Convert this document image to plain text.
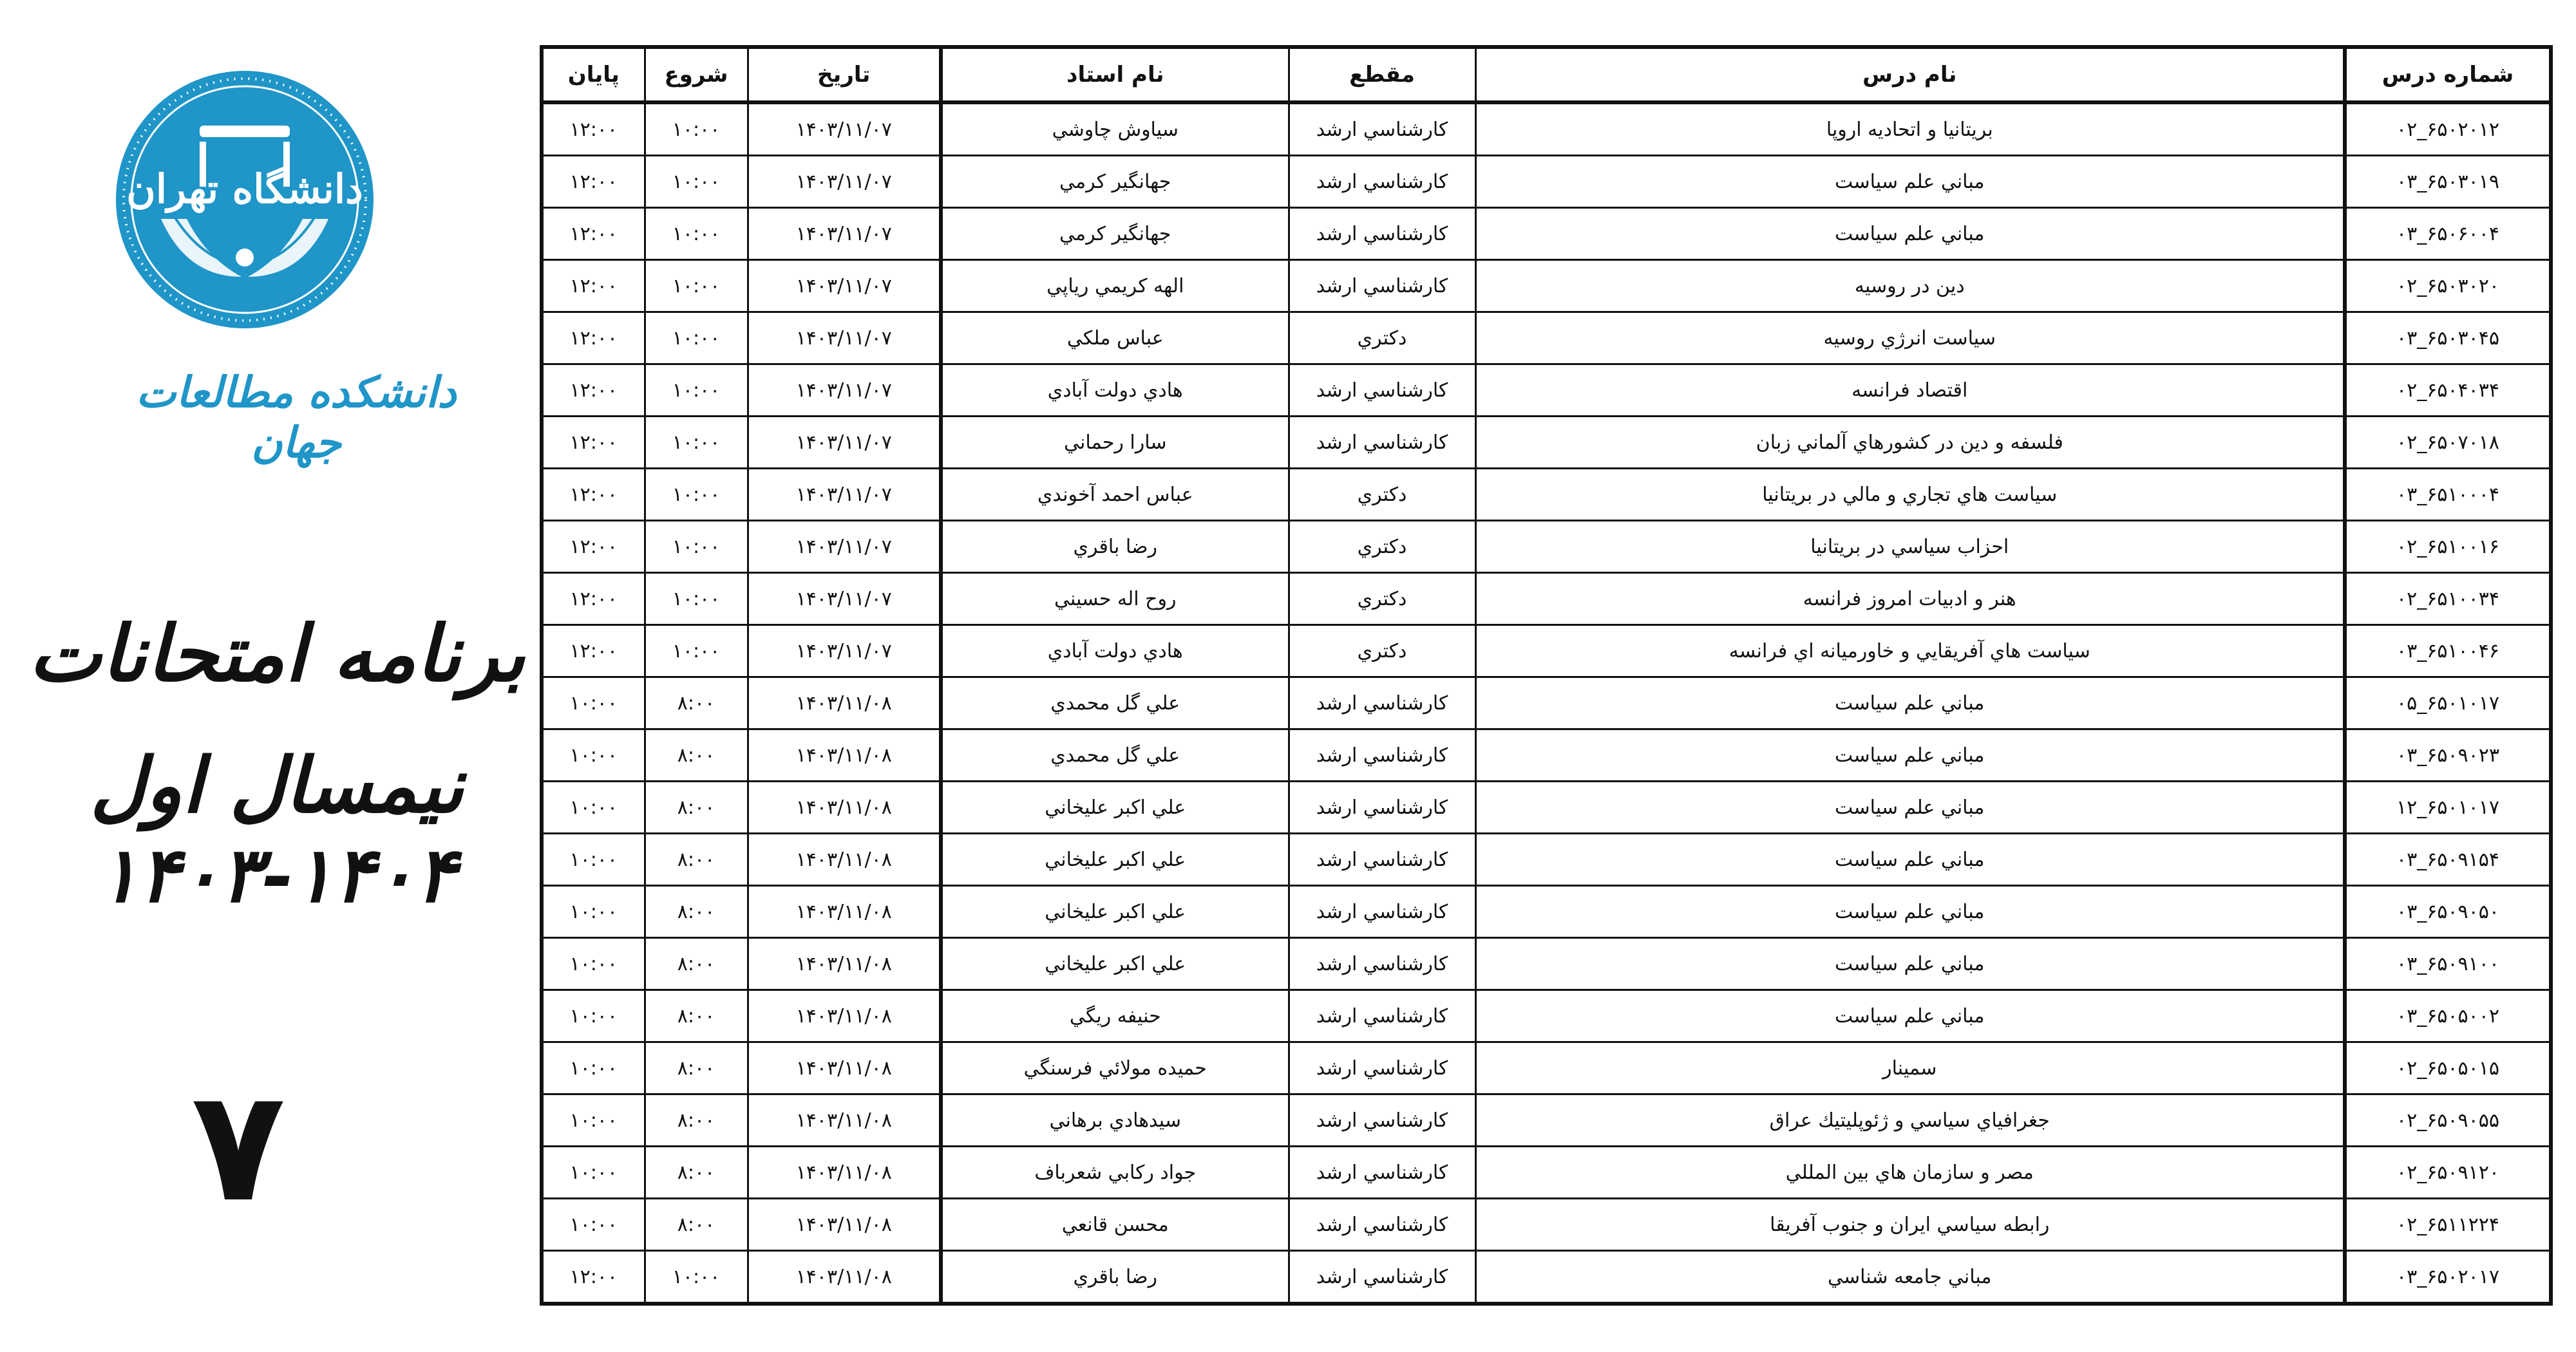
دانشگاه تهران
دانشکده مطالعات جهان
برنامه امتحانات
نیمسال اول ۱۴۰۴-۱۴۰۳
۷
پايان	شروع	تاريخ	نام استاد	مقطع	نام درس	شماره درس
۱۲:۰۰	۱۰:۰۰	۱۴۰۳/۱۱/۰۷	سياوش چاوشي	کارشناسي ارشد	بريتانيا و اتحاديه اروپا	۶۵۰۲۰۱۲_۰۲
۱۲:۰۰	۱۰:۰۰	۱۴۰۳/۱۱/۰۷	جهانگير كرمي	کارشناسي ارشد	مباني علم سياست	۶۵۰۳۰۱۹_۰۳
۱۲:۰۰	۱۰:۰۰	۱۴۰۳/۱۱/۰۷	جهانگير كرمي	کارشناسي ارشد	مباني علم سياست	۶۵۰۶۰۰۴_۰۳
۱۲:۰۰	۱۰:۰۰	۱۴۰۳/۱۱/۰۷	الهه كريمي رياپي	کارشناسي ارشد	دين در روسيه	۶۵۰۳۰۲۰_۰۲
۱۲:۰۰	۱۰:۰۰	۱۴۰۳/۱۱/۰۷	عباس ملكي	دکتري	سياست انرژي روسيه	۶۵۰۳۰۴۵_۰۳
۱۲:۰۰	۱۰:۰۰	۱۴۰۳/۱۱/۰۷	هادي دولت آبادي	کارشناسي ارشد	اقتصاد فرانسه	۶۵۰۴۰۳۴_۰۲
۱۲:۰۰	۱۰:۰۰	۱۴۰۳/۱۱/۰۷	سارا رحماني	کارشناسي ارشد	فلسفه و دين در كشورهاي آلماني زبان	۶۵۰۷۰۱۸_۰۲
۱۲:۰۰	۱۰:۰۰	۱۴۰۳/۱۱/۰۷	عباس احمد آخوندي	دکتري	سياست هاي تجاري و مالي در بريتانيا	۶۵۱۰۰۰۴_۰۳
۱۲:۰۰	۱۰:۰۰	۱۴۰۳/۱۱/۰۷	رضا باقري	دکتري	احزاب سياسي در بريتانيا	۶۵۱۰۰۱۶_۰۲
۱۲:۰۰	۱۰:۰۰	۱۴۰۳/۱۱/۰۷	روح اله حسيني	دکتري	هنر و ادبيات امروز فرانسه	۶۵۱۰۰۳۴_۰۲
۱۲:۰۰	۱۰:۰۰	۱۴۰۳/۱۱/۰۷	هادي دولت آبادي	دکتري	سياست هاي آفريقايي و خاورميانه اي فرانسه	۶۵۱۰۰۴۶_۰۳
۱۰:۰۰	۸:۰۰	۱۴۰۳/۱۱/۰۸	علي گل محمدي	کارشناسي ارشد	مباني علم سياست	۶۵۰۱۰۱۷_۰۵
۱۰:۰۰	۸:۰۰	۱۴۰۳/۱۱/۰۸	علي گل محمدي	کارشناسي ارشد	مباني علم سياست	۶۵۰۹۰۲۳_۰۳
۱۰:۰۰	۸:۰۰	۱۴۰۳/۱۱/۰۸	علي اكبر عليخاني	کارشناسي ارشد	مباني علم سياست	۶۵۰۱۰۱۷_۱۲
۱۰:۰۰	۸:۰۰	۱۴۰۳/۱۱/۰۸	علي اكبر عليخاني	کارشناسي ارشد	مباني علم سياست	۶۵۰۹۱۵۴_۰۳
۱۰:۰۰	۸:۰۰	۱۴۰۳/۱۱/۰۸	علي اكبر عليخاني	کارشناسي ارشد	مباني علم سياست	۶۵۰۹۰۵۰_۰۳
۱۰:۰۰	۸:۰۰	۱۴۰۳/۱۱/۰۸	علي اكبر عليخاني	کارشناسي ارشد	مباني علم سياست	۶۵۰۹۱۰۰_۰۳
۱۰:۰۰	۸:۰۰	۱۴۰۳/۱۱/۰۸	حنيفه ريگي	کارشناسي ارشد	مباني علم سياست	۶۵۰۵۰۰۲_۰۳
۱۰:۰۰	۸:۰۰	۱۴۰۳/۱۱/۰۸	حميده مولائي فرسنگي	کارشناسي ارشد	سمينار	۶۵۰۵۰۱۵_۰۲
۱۰:۰۰	۸:۰۰	۱۴۰۳/۱۱/۰۸	سيدهادي برهاني	کارشناسي ارشد	جغرافياي سياسي و ژئوپليتيك عراق	۶۵۰۹۰۵۵_۰۲
۱۰:۰۰	۸:۰۰	۱۴۰۳/۱۱/۰۸	جواد ركابي شعرباف	کارشناسي ارشد	مصر و سازمان هاي بين المللي	۶۵۰۹۱۲۰_۰۲
۱۰:۰۰	۸:۰۰	۱۴۰۳/۱۱/۰۸	محسن قانعي	کارشناسي ارشد	رابطه سياسي ايران و جنوب آفريقا	۶۵۱۱۲۲۴_۰۲
۱۲:۰۰	۱۰:۰۰	۱۴۰۳/۱۱/۰۸	رضا باقري	کارشناسي ارشد	مباني جامعه شناسي	۶۵۰۲۰۱۷_۰۳
